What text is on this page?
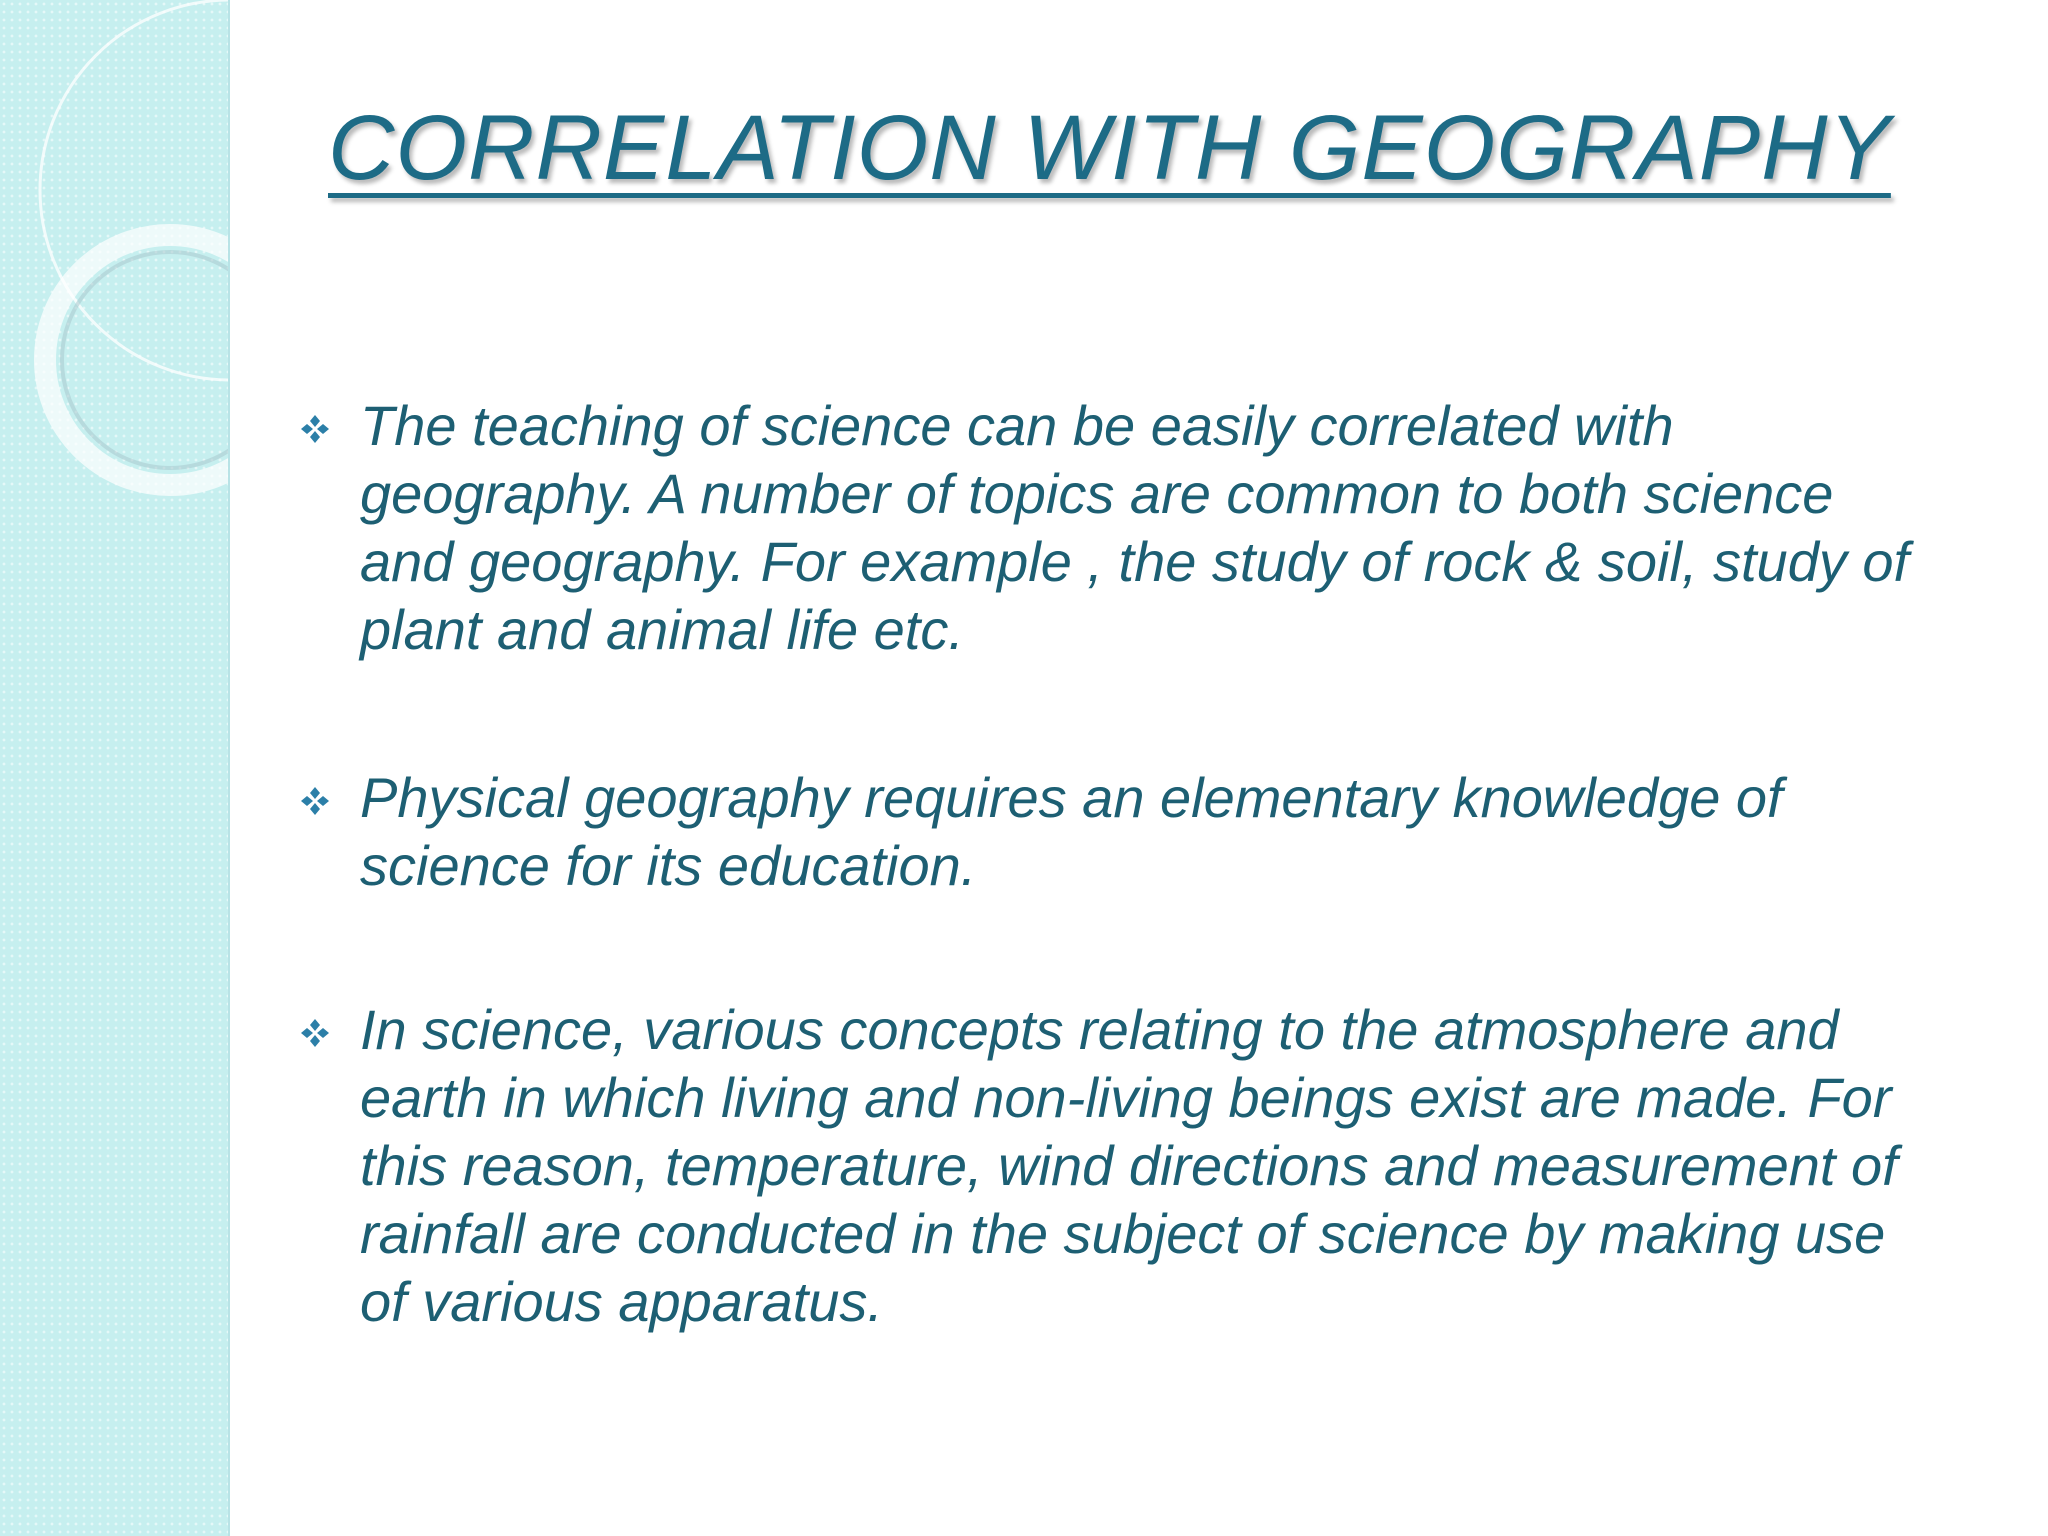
CORRELATION WITH GEOGRAPHY
The teaching of science can be easily correlated with geography. A number of topics are common to both science and geography. For example , the study of rock & soil, study of plant and animal life etc.
Physical geography requires an elementary knowledge of science for its education.
In science, various concepts relating to the atmosphere and earth in which living and non-living beings exist are made. For this reason, temperature, wind directions and measurement of rainfall are conducted in the subject of science by making use of various apparatus.
